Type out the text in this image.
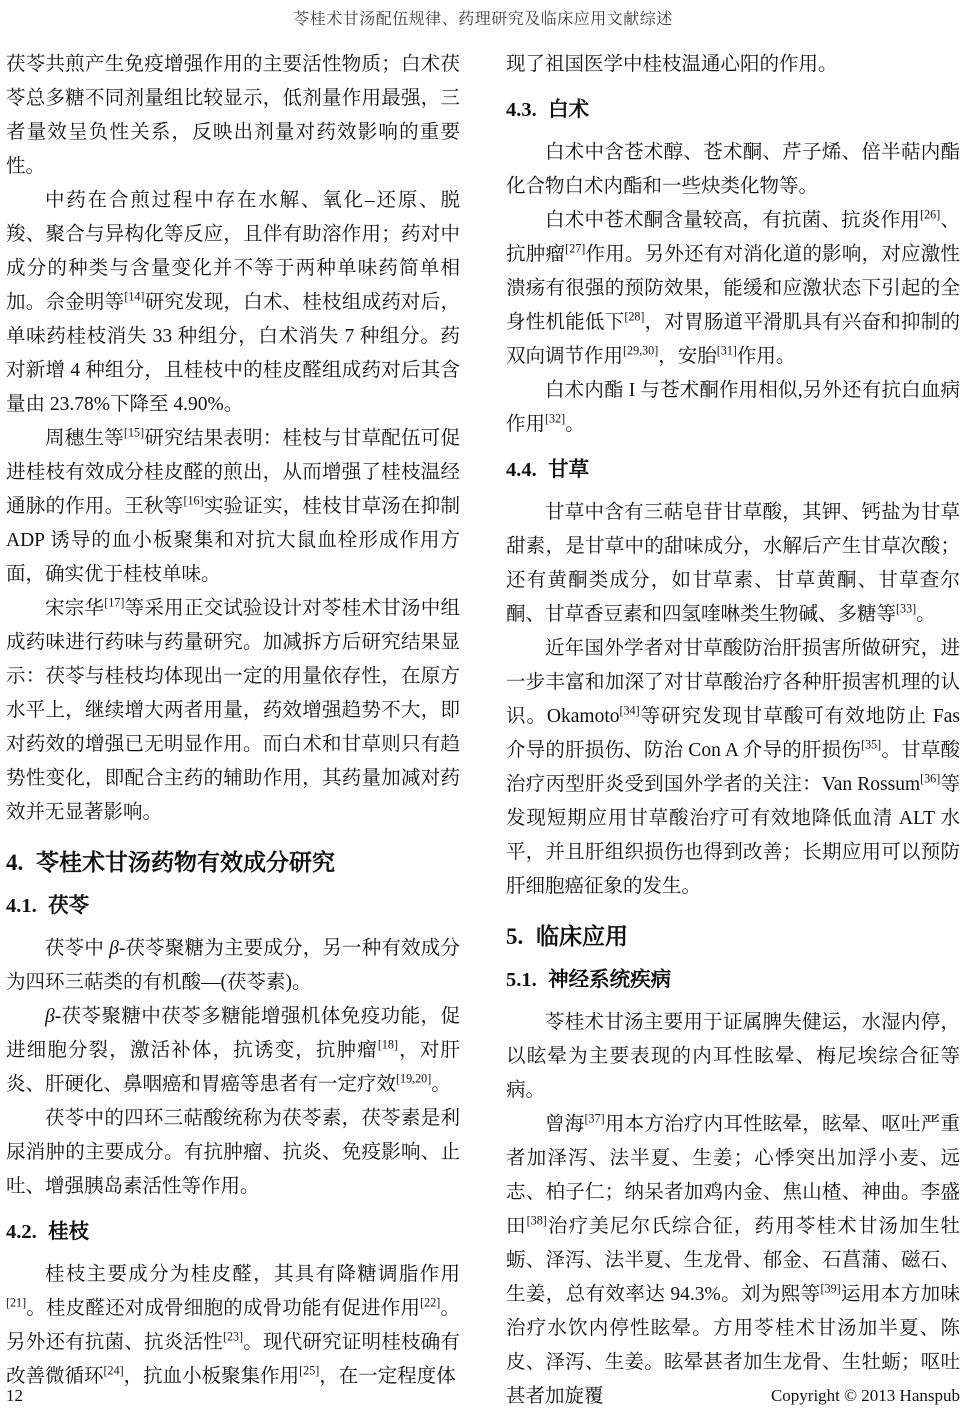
苓桂术甘汤配伍规律、药理研究及临床应用文献综述

茯苓共煎产生免疫增强作用的主要活性物质；白术茯苓总多糖不同剂量组比较显示，低剂量作用最强，三者量效呈负性关系，反映出剂量对药效影响的重要性。

中药在合煎过程中存在水解、氧化–还原、脱羧、聚合与异构化等反应，且伴有助溶作用；药对中成分的种类与含量变化并不等于两种单味药简单相加。佘金明等[14]研究发现，白术、桂枝组成药对后，单味药桂枝消失 33 种组分，白术消失 7 种组分。药对新增 4 种组分，且桂枝中的桂皮醛组成药对后其含量由 23.78%下降至 4.90%。

周穗生等[15]研究结果表明：桂枝与甘草配伍可促进桂枝有效成分桂皮醛的煎出，从而增强了桂枝温经通脉的作用。王秋等[16]实验证实，桂枝甘草汤在抑制 ADP 诱导的血小板聚集和对抗大鼠血栓形成作用方面，确实优于桂枝单味。

宋宗华[17]等采用正交试验设计对苓桂术甘汤中组成药味进行药味与药量研究。加减拆方后研究结果显示：茯苓与桂枝均体现出一定的用量依存性，在原方水平上，继续增大两者用量，药效增强趋势不大，即对药效的增强已无明显作用。而白术和甘草则只有趋势性变化，即配合主药的辅助作用，其药量加减对药效并无显著影响。

4.  苓桂术甘汤药物有效成分研究
4.1.  茯苓

茯苓中 β-茯苓聚糖为主要成分，另一种有效成分为四环三萜类的有机酸—(茯苓素)。

β-茯苓聚糖中茯苓多糖能增强机体免疫功能，促进细胞分裂，激活补体，抗诱变，抗肿瘤[18]，对肝炎、肝硬化、鼻咽癌和胃癌等患者有一定疗效[19,20]。

茯苓中的四环三萜酸统称为茯苓素，茯苓素是利尿消肿的主要成分。有抗肿瘤、抗炎、免疫影响、止吐、增强胰岛素活性等作用。

4.2.  桂枝

桂枝主要成分为桂皮醛，其具有降糖调脂作用[21]。桂皮醛还对成骨细胞的成骨功能有促进作用[22]。另外还有抗菌、抗炎活性[23]。现代研究证明桂枝确有改善微循环[24]，抗血小板聚集作用[25]，在一定程度体

现了祖国医学中桂枝温通心阳的作用。

4.3.  白术

白术中含苍术醇、苍术酮、芹子烯、倍半萜内酯化合物白术内酯和一些炔类化物等。

白术中苍术酮含量较高，有抗菌、抗炎作用[26]、抗肿瘤[27]作用。另外还有对消化道的影响，对应激性溃疡有很强的预防效果，能缓和应激状态下引起的全身性机能低下[28]，对胃肠道平滑肌具有兴奋和抑制的双向调节作用[29,30]，安胎[31]作用。

白术内酯 I 与苍术酮作用相似,另外还有抗白血病作用[32]。

4.4.  甘草

甘草中含有三萜皂苷甘草酸，其钾、钙盐为甘草甜素，是甘草中的甜味成分，水解后产生甘草次酸；还有黄酮类成分，如甘草素、甘草黄酮、甘草查尔酮、甘草香豆素和四氢喹啉类生物碱、多糖等[33]。

近年国外学者对甘草酸防治肝损害所做研究，进一步丰富和加深了对甘草酸治疗各种肝损害机理的认识。Okamoto[34]等研究发现甘草酸可有效地防止 Fas 介导的肝损伤、防治 Con A 介导的肝损伤[35]。甘草酸治疗丙型肝炎受到国外学者的关注：Van Rossum[36]等发现短期应用甘草酸治疗可有效地降低血清 ALT 水平，并且肝组织损伤也得到改善；长期应用可以预防肝细胞癌征象的发生。

5.  临床应用
5.1.  神经系统疾病

苓桂术甘汤主要用于证属脾失健运，水湿内停，以眩晕为主要表现的内耳性眩晕、梅尼埃综合征等病。

曾海[37]用本方治疗内耳性眩晕，眩晕、呕吐严重者加泽泻、法半夏、生姜；心悸突出加浮小麦、远志、柏子仁；纳呆者加鸡内金、焦山楂、神曲。李盛田[38]治疗美尼尔氏综合征，药用苓桂术甘汤加生牡蛎、泽泻、法半夏、生龙骨、郁金、石菖蒲、磁石、生姜，总有效率达 94.3%。刘为熙等[39]运用本方加味治疗水饮内停性眩晕。方用苓桂术甘汤加半夏、陈皮、泽泻、生姜。眩晕甚者加生龙骨、生牡蛎；呕吐甚者加旋覆

12	Copyright © 2013 Hanspub
